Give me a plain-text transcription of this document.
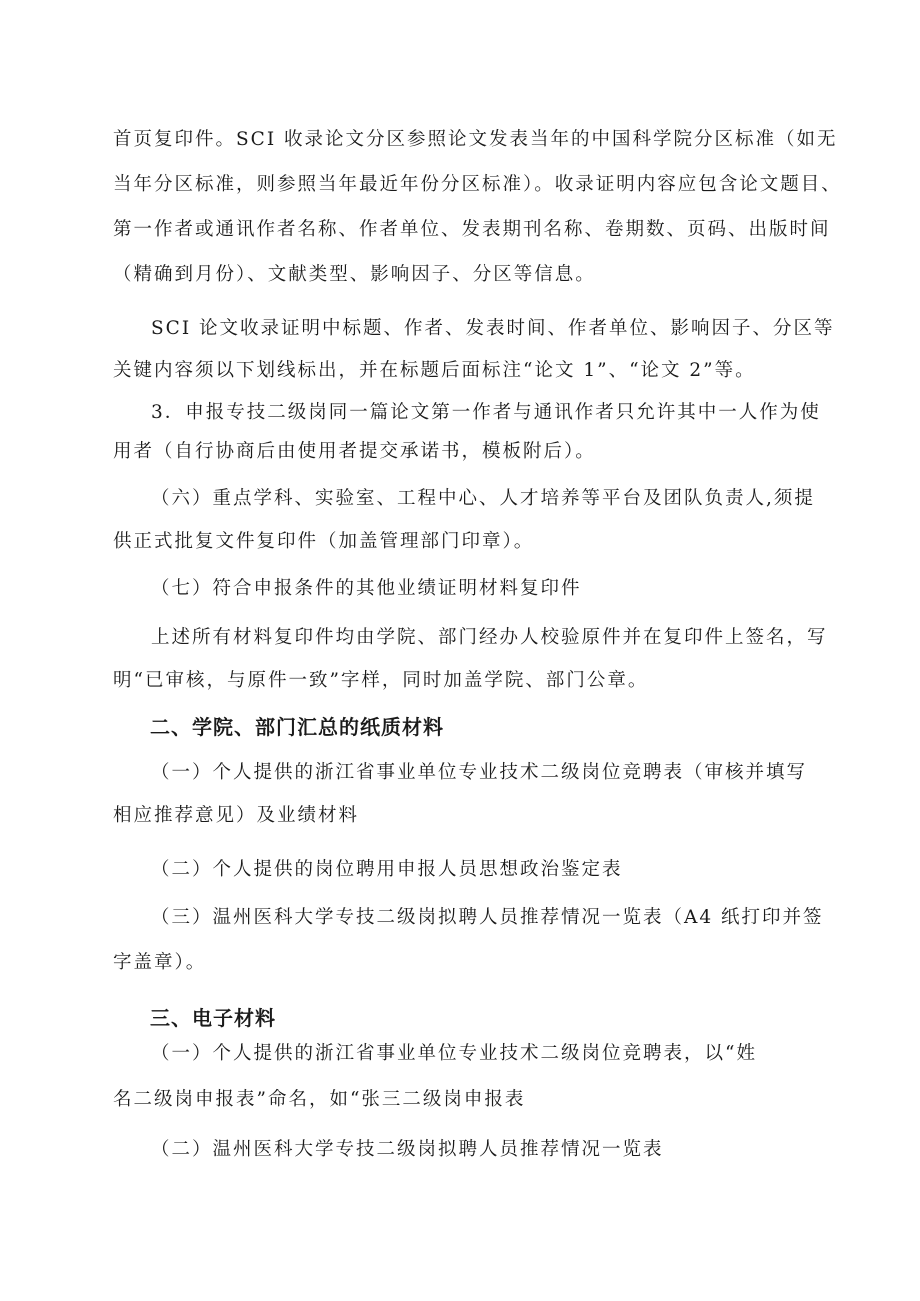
首页复印件。SCI 收录论文分区参照论文发表当年的中国科学院分区标准（如无
当年分区标准，则参照当年最近年份分区标准）。收录证明内容应包含论文题目、
第一作者或通讯作者名称、作者单位、发表期刊名称、卷期数、页码、出版时间
（精确到月份）、文献类型、影响因子、分区等信息。
SCI 论文收录证明中标题、作者、发表时间、作者单位、影响因子、分区等
关键内容须以下划线标出，并在标题后面标注“论文 1”、“论文 2”等。
3．申报专技二级岗同一篇论文第一作者与通讯作者只允许其中一人作为使
用者（自行协商后由使用者提交承诺书，模板附后）。
（六）重点学科、实验室、工程中心、人才培养等平台及团队负责人,须提
供正式批复文件复印件（加盖管理部门印章）。
（七）符合申报条件的其他业绩证明材料复印件
上述所有材料复印件均由学院、部门经办人校验原件并在复印件上签名，写
明“已审核，与原件一致”字样，同时加盖学院、部门公章。
二、学院、部门汇总的纸质材料
（一）个人提供的浙江省事业单位专业技术二级岗位竞聘表（审核并填写
相应推荐意见）及业绩材料
（二）个人提供的岗位聘用申报人员思想政治鉴定表
（三）温州医科大学专技二级岗拟聘人员推荐情况一览表（A4 纸打印并签
字盖章）。
三、电子材料
（一）个人提供的浙江省事业单位专业技术二级岗位竞聘表，以“姓
名二级岗申报表”命名，如“张三二级岗申报表
（二）温州医科大学专技二级岗拟聘人员推荐情况一览表
